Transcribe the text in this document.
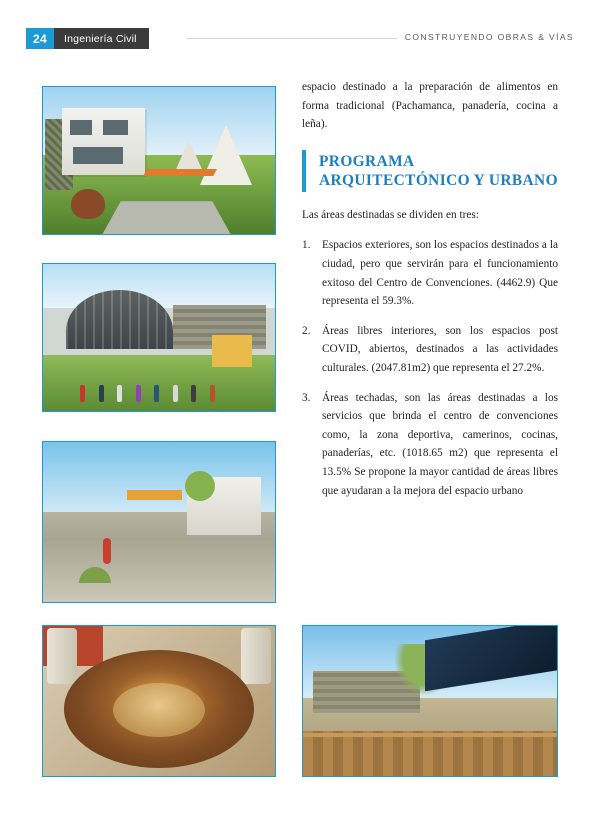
24	Ingeniería Civil	CONSTRUYENDO OBRAS & VÍAS

espacio destinado a la preparación de alimentos en forma tradicional (Pachamanca, panadería, cocina a leña).

PROGRAMA ARQUITECTÓNICO Y URBANO

Las áreas destinadas se dividen en tres:

Espacios exteriores, son los espacios destinados a la ciudad, pero que servirán para el funcionamiento exitoso del Centro de Convenciones. (4462.9) Que representa el 59.3%.
Áreas libres interiores, son los espacios post COVID, abiertos, destinados a las actividades culturales. (2047.81m2) que representa el 27.2%.
Áreas techadas, son las áreas destinadas a los servicios que brinda el centro de convenciones como, la zona deportiva, camerinos, cocinas, panaderías, etc. (1018.65 m2) que representa el 13.5% Se propone la mayor cantidad de áreas libres que ayudaran a la mejora del espacio urbano
